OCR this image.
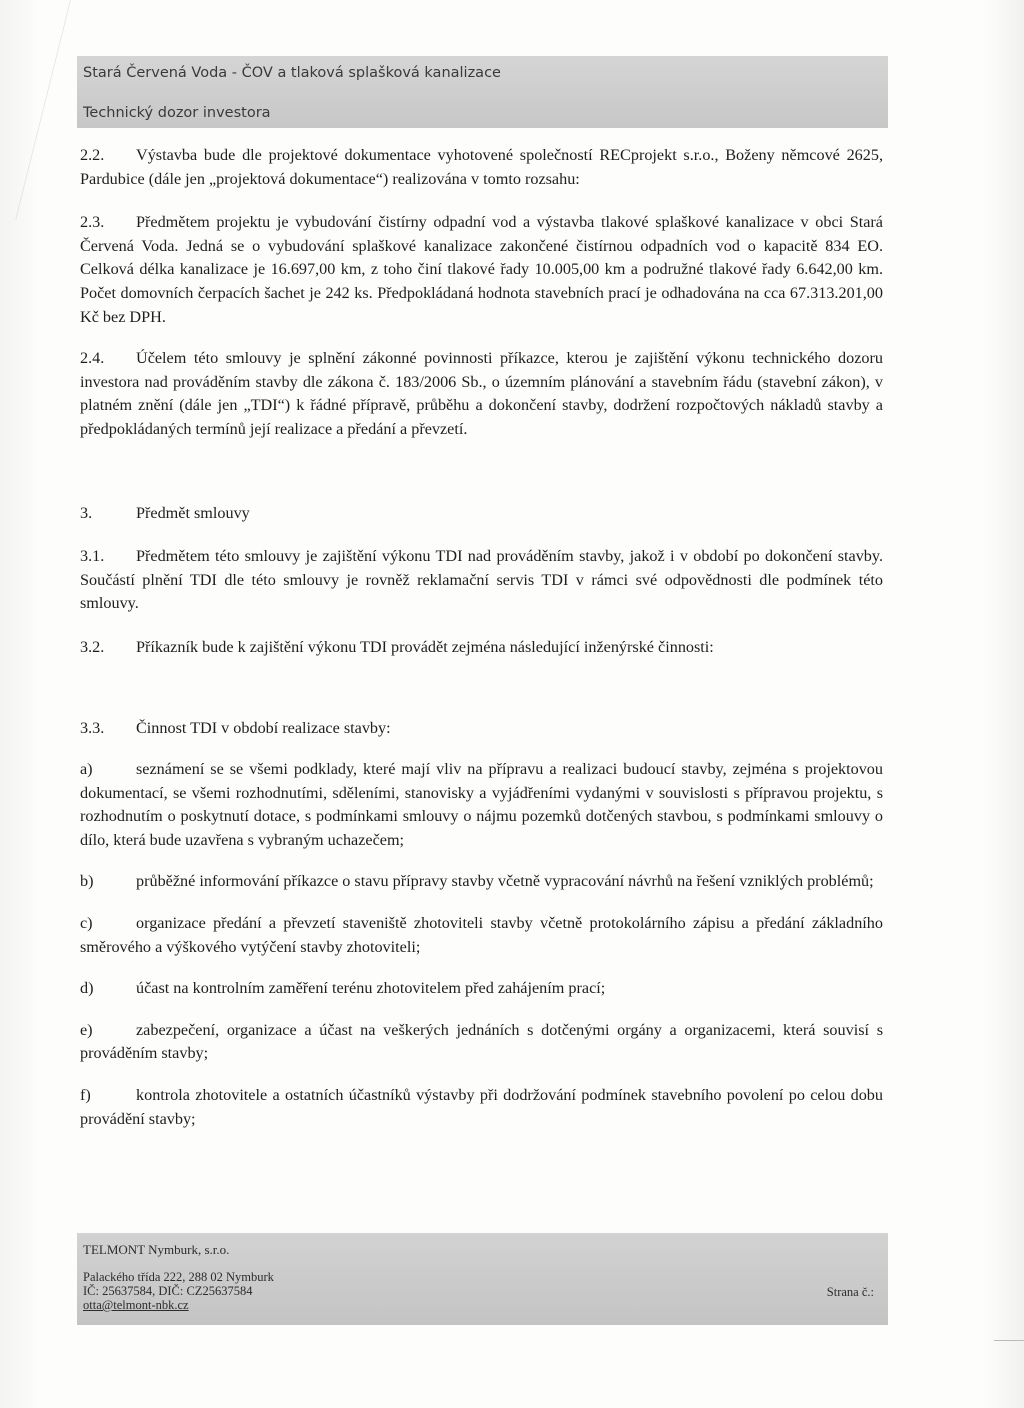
Stará Červená Voda - ČOV a tlaková splašková kanalizace
Technický dozor investora

2.2. Výstavba bude dle projektové dokumentace vyhotovené společností RECprojekt s.r.o., Boženy němcové 2625, Pardubice (dále jen „projektová dokumentace“) realizována v tomto rozsahu:

2.3. Předmětem projektu je vybudování čistírny odpadní vod a výstavba tlakové splaškové kanalizace v obci Stará Červená Voda. Jedná se o vybudování splaškové kanalizace zakončené čistírnou odpadních vod o kapacitě 834 EO. Celková délka kanalizace je 16.697,00 km, z toho činí tlakové řady 10.005,00 km a podružné tlakové řady 6.642,00 km. Počet domovních čerpacích šachet je 242 ks. Předpokládaná hodnota stavebních prací je odhadována na cca 67.313.201,00 Kč bez DPH.

2.4. Účelem této smlouvy je splnění zákonné povinnosti příkazce, kterou je zajištění výkonu technického dozoru investora nad prováděním stavby dle zákona č. 183/2006 Sb., o územním plánování a stavebním řádu (stavební zákon), v platném znění (dále jen „TDI“) k řádné přípravě, průběhu a dokončení stavby, dodržení rozpočtových nákladů stavby a předpokládaných termínů její realizace a předání a převzetí.

3.	Předmět smlouvy

3.1. Předmětem této smlouvy je zajištění výkonu TDI nad prováděním stavby, jakož i v období po dokončení stavby. Součástí plnění TDI dle této smlouvy je rovněž reklamační servis TDI v rámci své odpovědnosti dle podmínek této smlouvy.

3.2. Příkazník bude k zajištění výkonu TDI provádět zejména následující inženýrské činnosti:

3.3. Činnost TDI v období realizace stavby:

a)	seznámení se se všemi podklady, které mají vliv na přípravu a realizaci budoucí stavby, zejména s projektovou dokumentací, se všemi rozhodnutími, sděleními, stanovisky a vyjádřeními vydanými v souvislosti s přípravou projektu, s rozhodnutím o poskytnutí dotace, s podmínkami smlouvy o nájmu pozemků dotčených stavbou, s podmínkami smlouvy o dílo, která bude uzavřena s vybraným uchazečem;

b)	průběžné informování příkazce o stavu přípravy stavby včetně vypracování návrhů na řešení vzniklých problémů;

c)	organizace předání a převzetí staveniště zhotoviteli stavby včetně protokolárního zápisu a předání základního směrového a výškového vytýčení stavby zhotoviteli;

d)	účast na kontrolním zaměření terénu zhotovitelem před zahájením prací;

e)	zabezpečení, organizace a účast na veškerých jednáních s dotčenými orgány a organizacemi, která souvisí s prováděním stavby;

f)	kontrola zhotovitele a ostatních účastníků výstavby při dodržování podmínek stavebního povolení po celou dobu provádění stavby;

TELMONT Nymburk, s.r.o.
Palackého třída 222, 288 02 Nymburk
IČ: 25637584, DIČ: CZ25637584
otta@telmont-nbk.cz
Strana č.:
